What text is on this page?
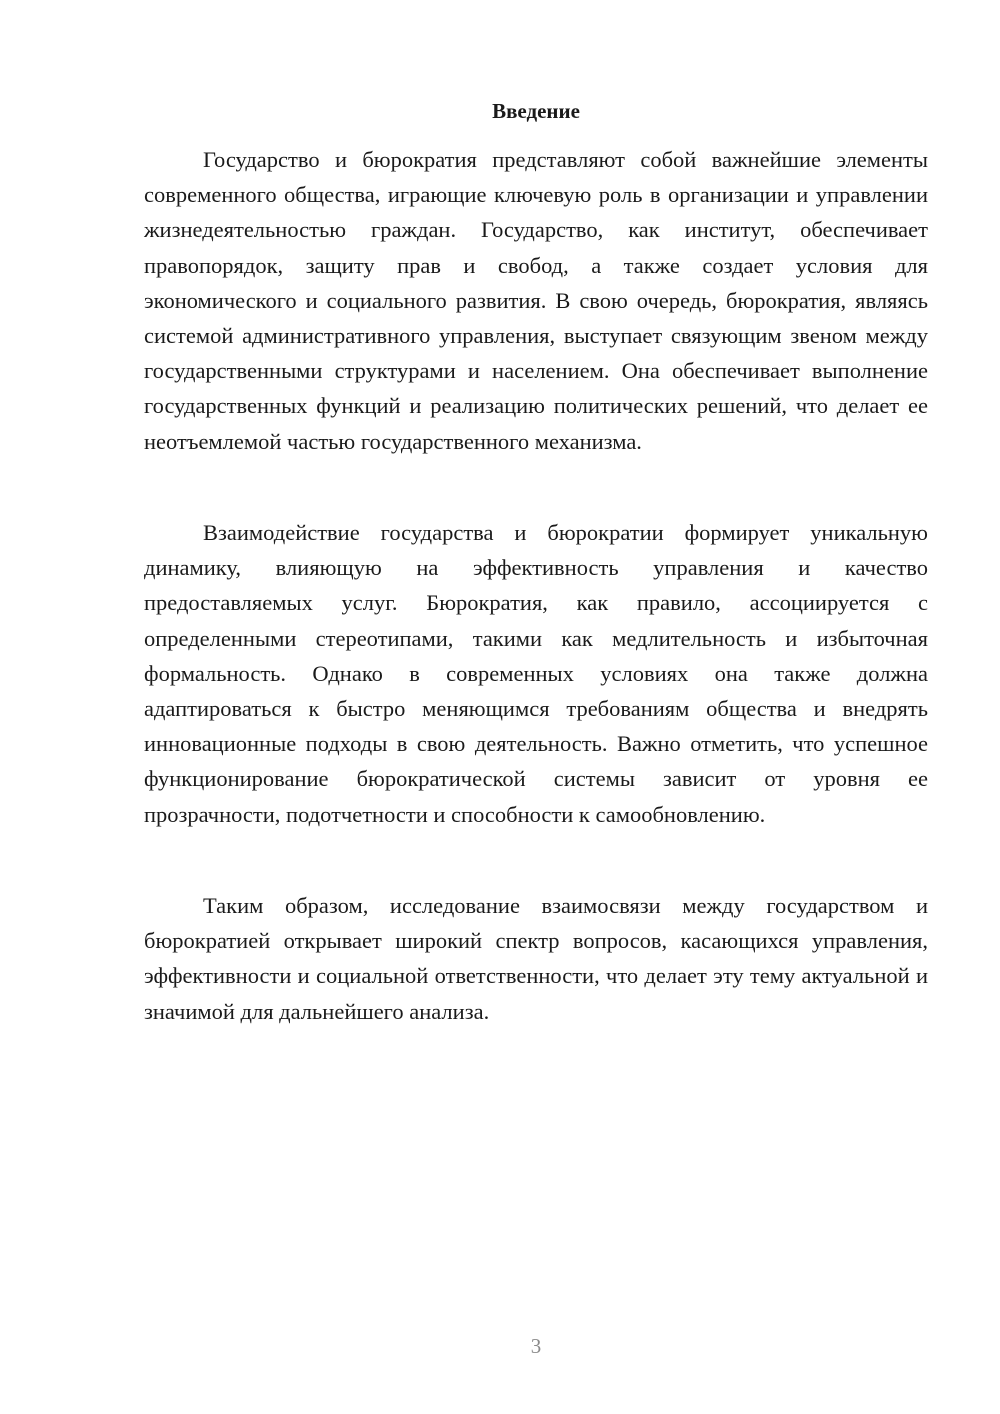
Введение

Государство и бюрократия представляют собой важнейшие элементы современного общества, играющие ключевую роль в организации и управлении жизнедеятельностью граждан. Государство, как институт, обеспечивает правопорядок, защиту прав и свобод, а также создает условия для экономического и социального развития. В свою очередь, бюрократия, являясь системой административного управления, выступает связующим звеном между государственными структурами и населением. Она обеспечивает выполнение государственных функций и реализацию политических решений, что делает ее неотъемлемой частью государственного механизма.

Взаимодействие государства и бюрократии формирует уникальную динамику, влияющую на эффективность управления и качество предоставляемых услуг. Бюрократия, как правило, ассоциируется с определенными стереотипами, такими как медлительность и избыточная формальность. Однако в современных условиях она также должна адаптироваться к быстро меняющимся требованиям общества и внедрять инновационные подходы в свою деятельность. Важно отметить, что успешное функционирование бюрократической системы зависит от уровня ее прозрачности, подотчетности и способности к самообновлению.

Таким образом, исследование взаимосвязи между государством и бюрократией открывает широкий спектр вопросов, касающихся управления, эффективности и социальной ответственности, что делает эту тему актуальной и значимой для дальнейшего анализа.

3
